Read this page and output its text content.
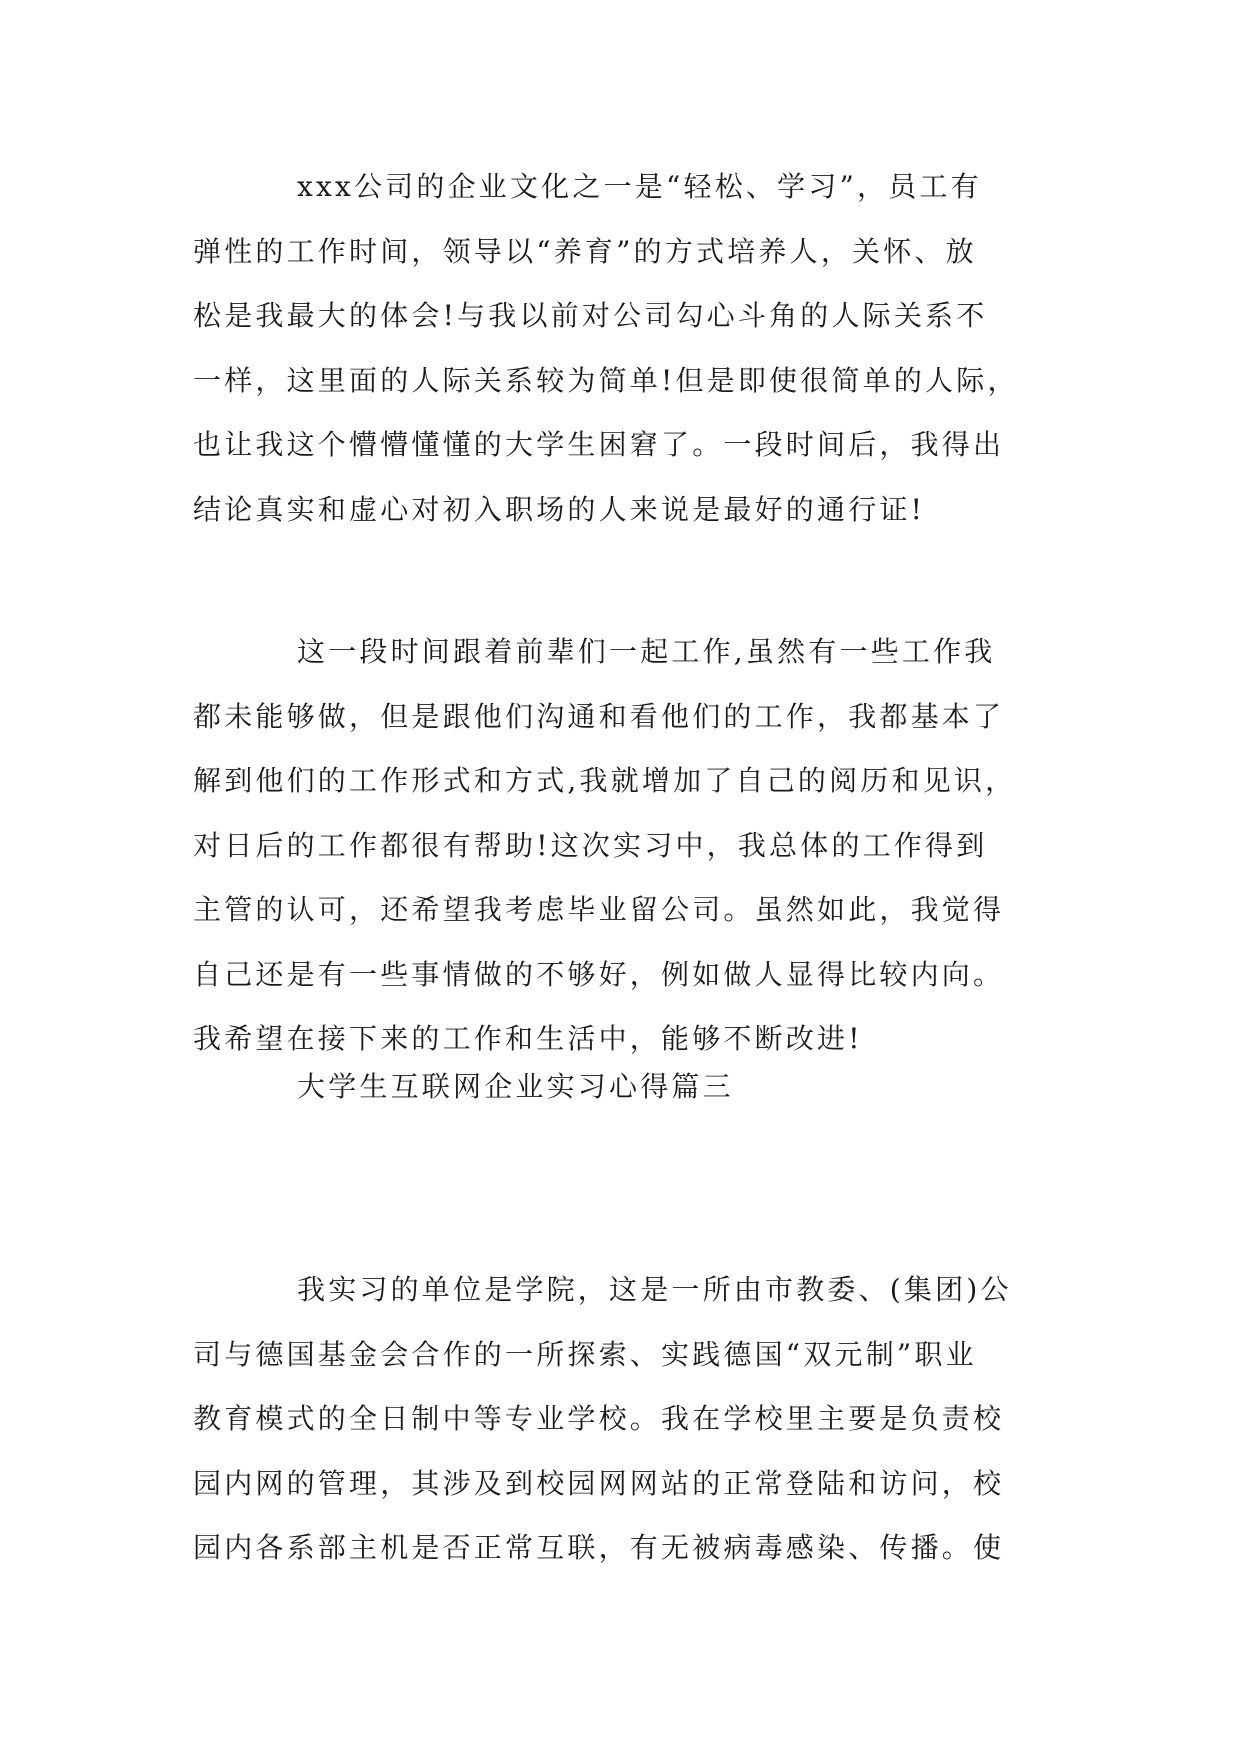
xxx公司的企业文化之一是“轻松、学习”，员工有
弹性的工作时间，领导以“养育”的方式培养人，关怀、放
松是我最大的体会!与我以前对公司勾心斗角的人际关系不
一样，这里面的人际关系较为简单!但是即使很简单的人际，
也让我这个懵懵懂懂的大学生困窘了。一段时间后，我得出
结论真实和虚心对初入职场的人来说是最好的通行证!
这一段时间跟着前辈们一起工作,虽然有一些工作我
都未能够做，但是跟他们沟通和看他们的工作，我都基本了
解到他们的工作形式和方式,我就增加了自己的阅历和见识，
对日后的工作都很有帮助!这次实习中，我总体的工作得到
主管的认可，还希望我考虑毕业留公司。虽然如此，我觉得
自己还是有一些事情做的不够好，例如做人显得比较内向。
我希望在接下来的工作和生活中，能够不断改进!
大学生互联网企业实习心得篇三
我实习的单位是学院，这是一所由市教委、(集团)公
司与德国基金会合作的一所探索、实践德国“双元制”职业
教育模式的全日制中等专业学校。我在学校里主要是负责校
园内网的管理，其涉及到校园网网站的正常登陆和访问，校
园内各系部主机是否正常互联，有无被病毒感染、传播。使
